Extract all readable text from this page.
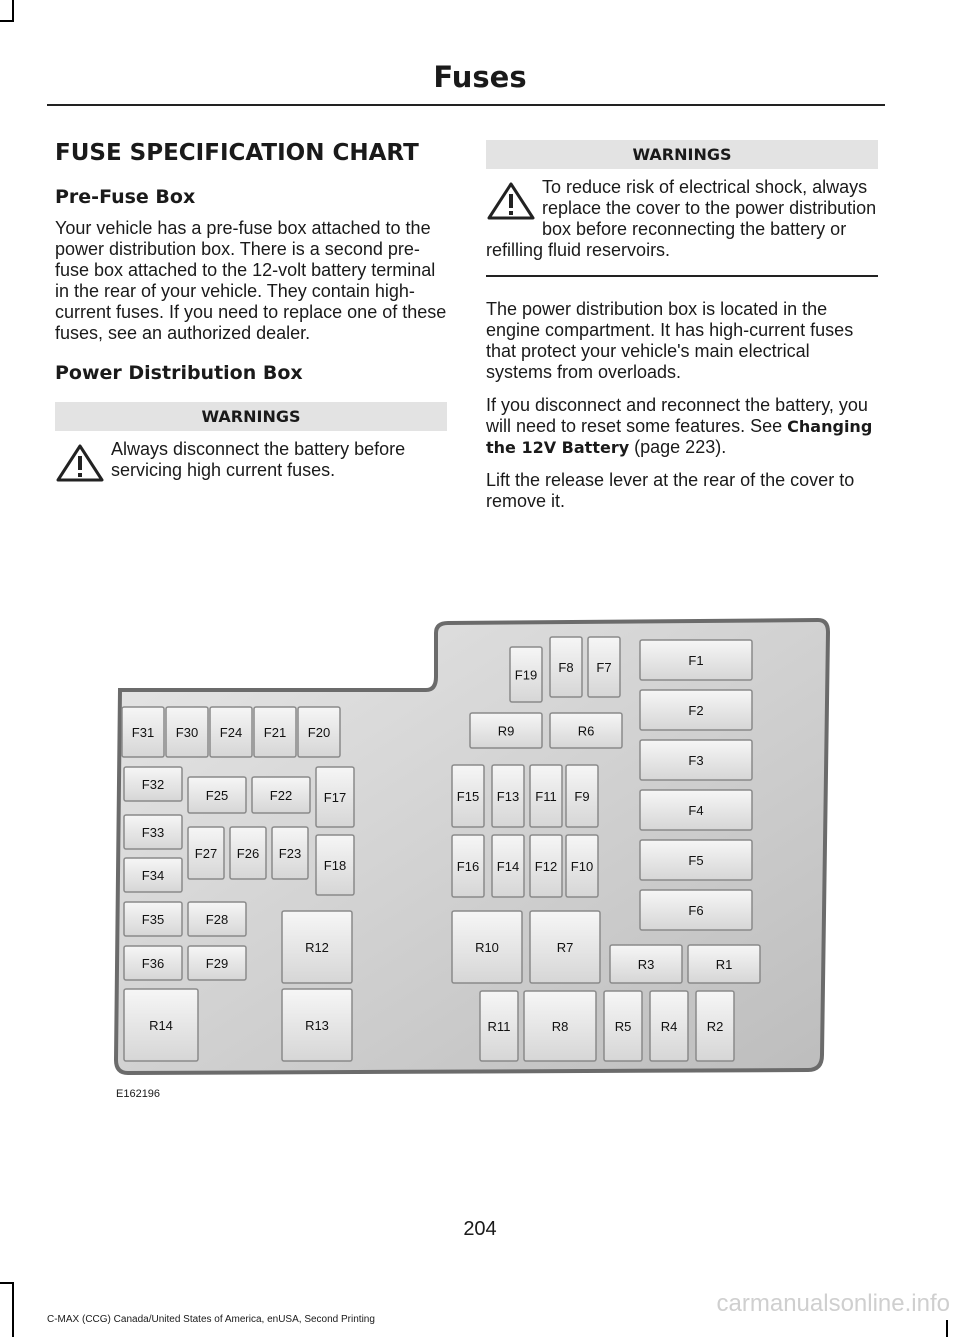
Fuses
FUSE SPECIFICATION CHART
Pre-Fuse Box

Your vehicle has a pre-fuse box attached to the power distribution box. There is a second pre-fuse box attached to the 12-volt battery terminal in the rear of your vehicle. They contain high-current fuses. If you need to replace one of these fuses, see an authorized dealer.

Power Distribution Box
WARNINGS
Always disconnect the battery before servicing high current fuses.
WARNINGS
To reduce risk of electrical shock, always replace the cover to the power distribution box before reconnecting the battery or refilling fluid reservoirs.

The power distribution box is located in the engine compartment. It has high-current fuses that protect your vehicle's main electrical systems from overloads.

If you disconnect and reconnect the battery, you will need to reset some features. See Changing the 12V Battery (page 223).

Lift the release lever at the rear of the cover to remove it.

F1
F2
F3
F4
F5
F6
F7
F8
F19
R9	R6
F31 F30 F24 F21 F20
F32
F25	F22 F17
F33
F27 F26 F23
F18
F34
F35	F28
F36	F29
R12
R13
R14
F15 F13 F11 F9
F16 F14 F12 F10
R10	R7
R3	R1
R11	R8	R5 R4 R2
E162196
204
C-MAX (CCG) Canada/United States of America, enUSA, Second Printing
carmanualsonline.info
